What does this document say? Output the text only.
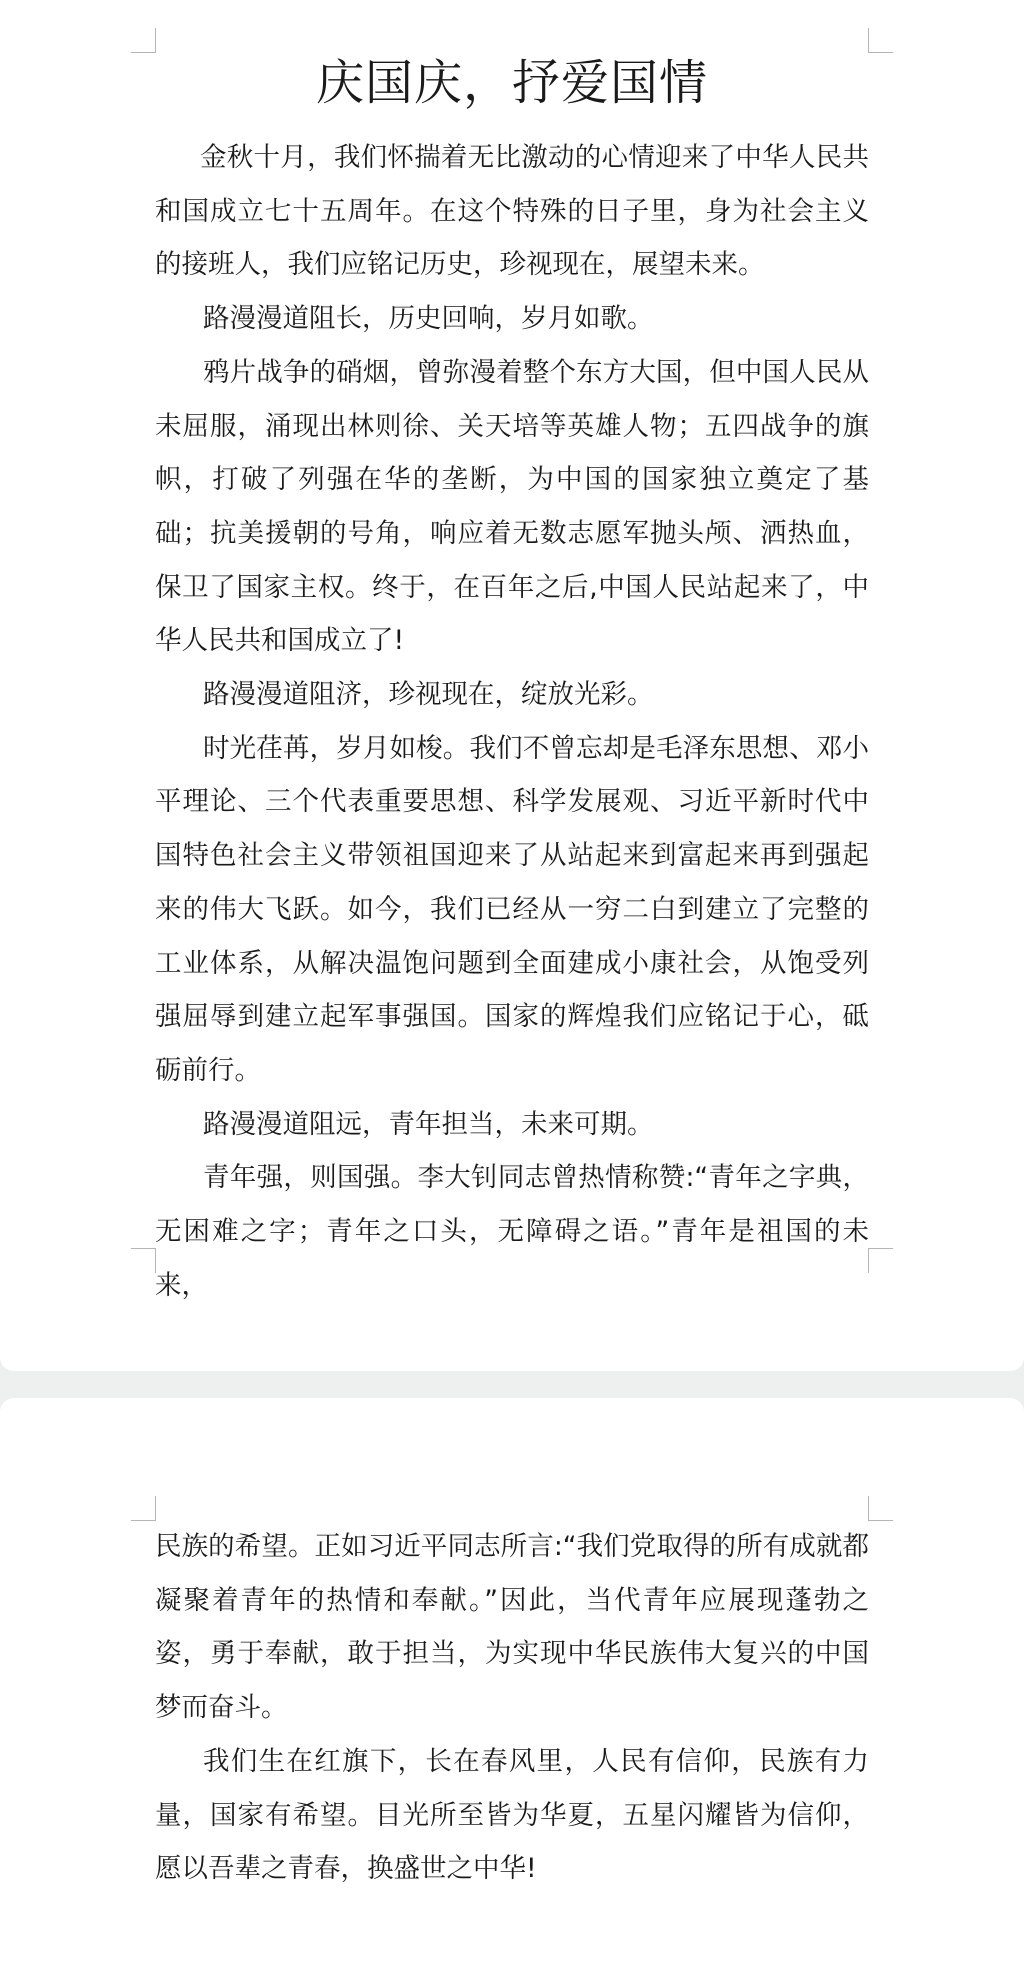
庆国庆，抒爱国情

金秋十月，我们怀揣着无比激动的心情迎来了中华人民共和国成立七十五周年。在这个特殊的日子里，身为社会主义的接班人，我们应铭记历史，珍视现在，展望未来。

路漫漫道阻长，历史回响，岁月如歌。

鸦片战争的硝烟，曾弥漫着整个东方大国，但中国人民从未屈服，涌现出林则徐、关天培等英雄人物；五四战争的旗帜，打破了列强在华的垄断，为中国的国家独立奠定了基础；抗美援朝的号角，响应着无数志愿军抛头颅、洒热血，保卫了国家主权。终于，在百年之后,中国人民站起来了，中华人民共和国成立了!

路漫漫道阻济，珍视现在，绽放光彩。

时光荏苒，岁月如梭。我们不曾忘却是毛泽东思想、邓小平理论、三个代表重要思想、科学发展观、习近平新时代中国特色社会主义带领祖国迎来了从站起来到富起来再到强起来的伟大飞跃。如今，我们已经从一穷二白到建立了完整的工业体系，从解决温饱问题到全面建成小康社会，从饱受列强屈辱到建立起军事强国。国家的辉煌我们应铭记于心，砥砺前行。

路漫漫道阻远，青年担当，未来可期。

青年强，则国强。李大钊同志曾热情称赞:“青年之字典，无困难之字；青年之口头，无障碍之语。”青年是祖国的未来，

民族的希望。正如习近平同志所言:“我们党取得的所有成就都凝聚着青年的热情和奉献。”因此，当代青年应展现蓬勃之姿，勇于奉献，敢于担当，为实现中华民族伟大复兴的中国梦而奋斗。

我们生在红旗下，长在春风里，人民有信仰，民族有力量，国家有希望。目光所至皆为华夏，五星闪耀皆为信仰，愿以吾辈之青春，换盛世之中华!
